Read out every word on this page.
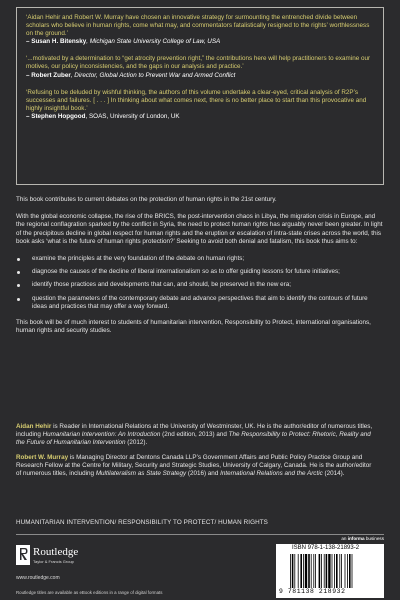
‘Aidan Hehir and Robert W. Murray have chosen an innovative strategy for surmounting the entrenched divide between scholars who believe in human rights, come what may, and commentators fatalistically resigned to the rights’ worthlessness on the ground.’

– Susan H. Bitensky, Michigan State University College of Law, USA

‘...motivated by a determination to “get atrocity prevention right,” the contributions here will help practitioners to examine our motives, our policy inconsistencies, and the gaps in our analysis and practice.’

– Robert Zuber, Director, Global Action to Prevent War and Armed Conflict

‘Refusing to be deluded by wishful thinking, the authors of this volume undertake a clear-eyed, critical analysis of R2P’s successes and failures. [ . . . ] In thinking about what comes next, there is no better place to start than this provocative and highly insightful book.’

– Stephen Hopgood, SOAS, University of London, UK

This book contributes to current debates on the protection of human rights in the 21st century.

With the global economic collapse, the rise of the BRICS, the post-intervention chaos in Libya, the migration crisis in Europe, and the regional conflagration sparked by the conflict in Syria, the need to protect human rights has arguably never been greater. In light of the precipitous decline in global respect for human rights and the eruption or escalation of intra-state crises across the world, this book asks ‘what is the future of human rights protection?’ Seeking to avoid both denial and fatalism, this book thus aims to:

examine the principles at the very foundation of the debate on human rights;
diagnose the causes of the decline of liberal internationalism so as to offer guiding lessons for future initiatives;
identify those practices and developments that can, and should, be preserved in the new era;
question the parameters of the contemporary debate and advance perspectives that aim to identify the contours of future ideas and practices that may offer a way forward.

This book will be of much interest to students of humanitarian intervention, Responsibility to Protect, international organisations, human rights and security studies.

Aidan Hehir is Reader in International Relations at the University of Westminster, UK. He is the author/editor of numerous titles, including Humanitarian Intervention: An Introduction (2nd edition, 2013) and The Responsibility to Protect: Rhetoric, Reality and the Future of Humanitarian Intervention (2012).

Robert W. Murray is Managing Director at Dentons Canada LLP’s Government Affairs and Public Policy Practice Group and Research Fellow at the Centre for Military, Security and Strategic Studies, University of Calgary, Canada. He is the author/editor of numerous titles, including Multilateralism as State Strategy (2016) and International Relations and the Arctic (2014).

HUMANITARIAN INTERVENTION/ RESPONSIBILITY TO PROTECT/ HUMAN RIGHTS
Routledge
Taylor & Francis Group
www.routledge.com
Routledge titles are available as eBook editions in a range of digital formats
an informa business
ISBN 978-1-138-21893-2
9 781138 218932
